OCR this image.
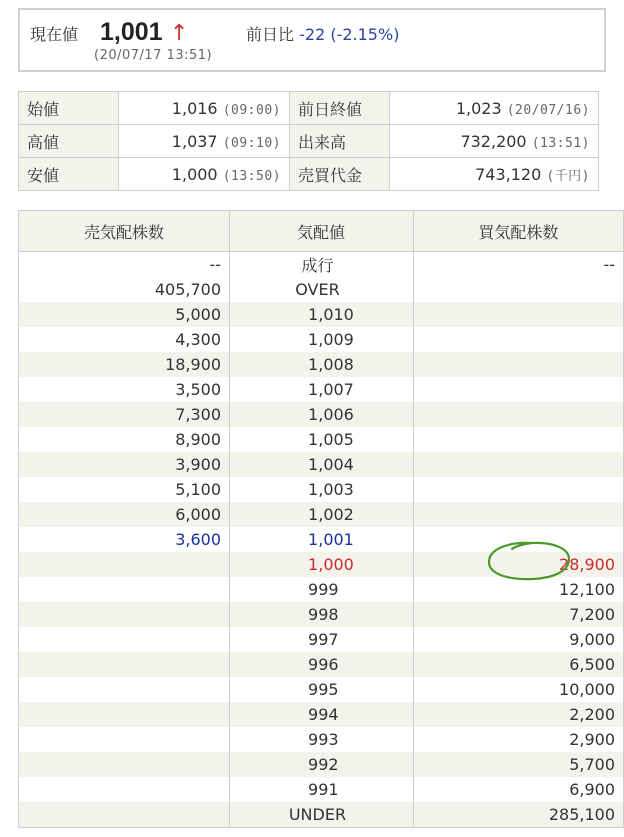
現在値 1,001 ↑
(20/07/17 13:51)
前日比 -22 (-2.15%)
始値	1,016 (09:00)	前日終値	1,023 (20/07/16)
高値	1,037 (09:10)	出来高	732,200 (13:51)
安値	1,000 (13:50)	売買代金	743,120 (千円)
売気配株数	気配値	買気配株数
--	成行	--
405,700	OVER	
5,000	1,010	
4,300	1,009	
18,900	1,008	
3,500	1,007	
7,300	1,006	
8,900	1,005	
3,900	1,004	
5,100	1,003	
6,000	1,002	
3,600	1,001	
	1,000	28,900
	999	12,100
	998	7,200
	997	9,000
	996	6,500
	995	10,000
	994	2,200
	993	2,900
	992	5,700
	991	6,900
	UNDER	285,100
